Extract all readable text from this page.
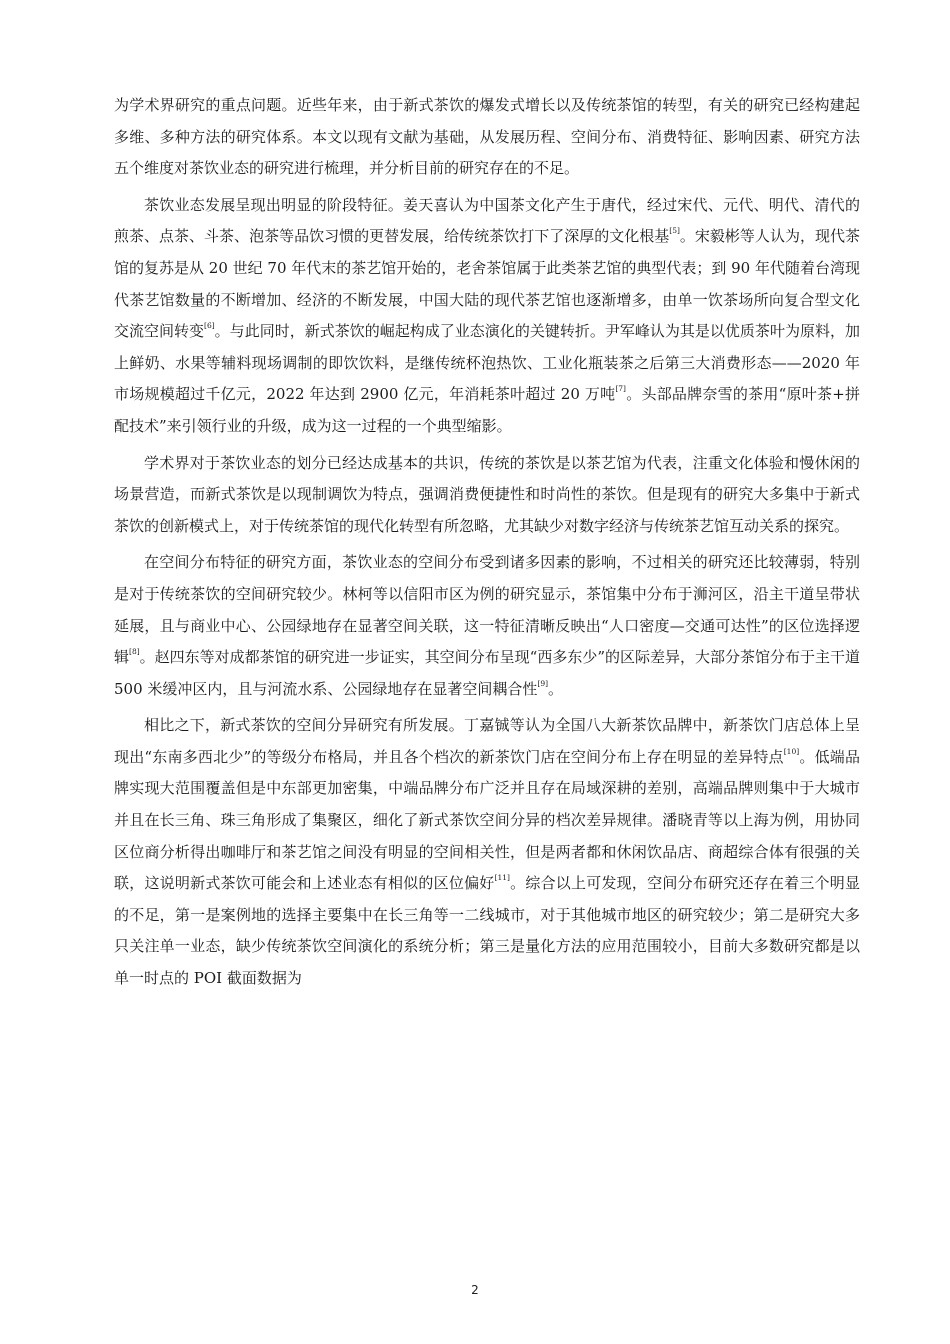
为学术界研究的重点问题。近些年来，由于新式茶饮的爆发式增长以及传统茶馆的转型，有关的研究已经构建起多维、多种方法的研究体系。本文以现有文献为基础，从发展历程、空间分布、消费特征、影响因素、研究方法五个维度对茶饮业态的研究进行梳理，并分析目前的研究存在的不足。

茶饮业态发展呈现出明显的阶段特征。姜天喜认为中国茶文化产生于唐代，经过宋代、元代、明代、清代的煎茶、点茶、斗茶、泡茶等品饮习惯的更替发展，给传统茶饮打下了深厚的文化根基[5]。宋毅彬等人认为，现代茶馆的复苏是从 20 世纪 70 年代末的茶艺馆开始的，老舍茶馆属于此类茶艺馆的典型代表；到 90 年代随着台湾现代茶艺馆数量的不断增加、经济的不断发展，中国大陆的现代茶艺馆也逐渐增多，由单一饮茶场所向复合型文化交流空间转变[6]。与此同时，新式茶饮的崛起构成了业态演化的关键转折。尹军峰认为其是以优质茶叶为原料，加上鲜奶、水果等辅料现场调制的即饮饮料，是继传统杯泡热饮、工业化瓶装茶之后第三大消费形态——2020 年市场规模超过千亿元，2022 年达到 2900 亿元，年消耗茶叶超过 20 万吨[7]。头部品牌奈雪的茶用“原叶茶+拼配技术”来引领行业的升级，成为这一过程的一个典型缩影。

学术界对于茶饮业态的划分已经达成基本的共识，传统的茶饮是以茶艺馆为代表，注重文化体验和慢休闲的场景营造，而新式茶饮是以现制调饮为特点，强调消费便捷性和时尚性的茶饮。但是现有的研究大多集中于新式茶饮的创新模式上，对于传统茶馆的现代化转型有所忽略，尤其缺少对数字经济与传统茶艺馆互动关系的探究。

在空间分布特征的研究方面，茶饮业态的空间分布受到诸多因素的影响，不过相关的研究还比较薄弱，特别是对于传统茶饮的空间研究较少。林柯等以信阳市区为例的研究显示，茶馆集中分布于浉河区，沿主干道呈带状延展，且与商业中心、公园绿地存在显著空间关联，这一特征清晰反映出“人口密度—交通可达性”的区位选择逻辑[8]。赵四东等对成都茶馆的研究进一步证实，其空间分布呈现“西多东少”的区际差异，大部分茶馆分布于主干道 500 米缓冲区内，且与河流水系、公园绿地存在显著空间耦合性[9]。

相比之下，新式茶饮的空间分异研究有所发展。丁嘉铖等认为全国八大新茶饮品牌中，新茶饮门店总体上呈现出“东南多西北少”的等级分布格局，并且各个档次的新茶饮门店在空间分布上存在明显的差异特点[10]。低端品牌实现大范围覆盖但是中东部更加密集，中端品牌分布广泛并且存在局域深耕的差别，高端品牌则集中于大城市并且在长三角、珠三角形成了集聚区，细化了新式茶饮空间分异的档次差异规律。潘晓青等以上海为例，用协同区位商分析得出咖啡厅和茶艺馆之间没有明显的空间相关性，但是两者都和休闲饮品店、商超综合体有很强的关联，这说明新式茶饮可能会和上述业态有相似的区位偏好[11]。综合以上可发现，空间分布研究还存在着三个明显的不足，第一是案例地的选择主要集中在长三角等一二线城市，对于其他城市地区的研究较少；第二是研究大多只关注单一业态，缺少传统茶饮空间演化的系统分析；第三是量化方法的应用范围较小，目前大多数研究都是以单一时点的 POI 截面数据为

2
